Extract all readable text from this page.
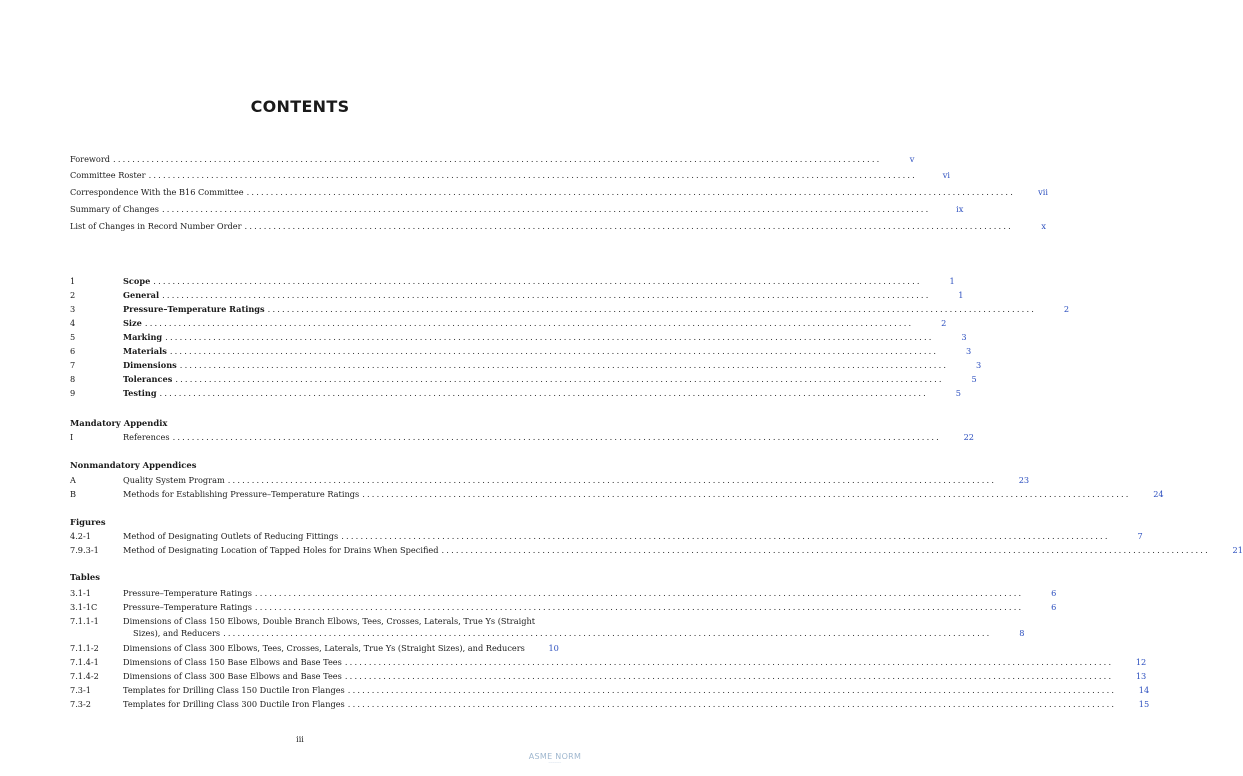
CONTENTS
Foreword ................................................................................................................................................................	v
Committee Roster ................................................................................................................................................................	vi
Correspondence With the B16 Committee ................................................................................................................................................................	vii
Summary of Changes ................................................................................................................................................................	ix
List of Changes in Record Number Order ................................................................................................................................................................	x
1	Scope ................................................................................................................................................................	1
2	General ................................................................................................................................................................	1
3	Pressure–Temperature Ratings ................................................................................................................................................................	2
4	Size ................................................................................................................................................................	2
5	Marking ................................................................................................................................................................	3
6	Materials ................................................................................................................................................................	3
7	Dimensions ................................................................................................................................................................	3
8	Tolerances ................................................................................................................................................................	5
9	Testing ................................................................................................................................................................	5
Mandatory Appendix
I	References ................................................................................................................................................................	22
Nonmandatory Appendices
A	Quality System Program ................................................................................................................................................................	23
B	Methods for Establishing Pressure–Temperature Ratings ................................................................................................................................................................	24
Figures
4.2-1	Method of Designating Outlets of Reducing Fittings ................................................................................................................................................................	7
7.9.3-1	Method of Designating Location of Tapped Holes for Drains When Specified ................................................................................................................................................................	21
Tables
3.1-1	Pressure–Temperature Ratings ................................................................................................................................................................	6
3.1-1C	Pressure–Temperature Ratings ................................................................................................................................................................	6
7.1.1-1	Dimensions of Class 150 Elbows, Double Branch Elbows, Tees, Crosses, Laterals, True Ys (Straight
Sizes), and Reducers ................................................................................................................................................................	8
7.1.1-2	Dimensions of Class 300 Elbows, Tees, Crosses, Laterals, True Ys (Straight Sizes), and Reducers	10
7.1.4-1	Dimensions of Class 150 Base Elbows and Base Tees ................................................................................................................................................................	12
7.1.4-2	Dimensions of Class 300 Base Elbows and Base Tees ................................................................................................................................................................	13
7.3-1	Templates for Drilling Class 150 Ductile Iron Flanges ................................................................................................................................................................	14
7.3-2	Templates for Drilling Class 300 Ductile Iron Flanges ................................................................................................................................................................	15
iii
ASME NORM
──────
